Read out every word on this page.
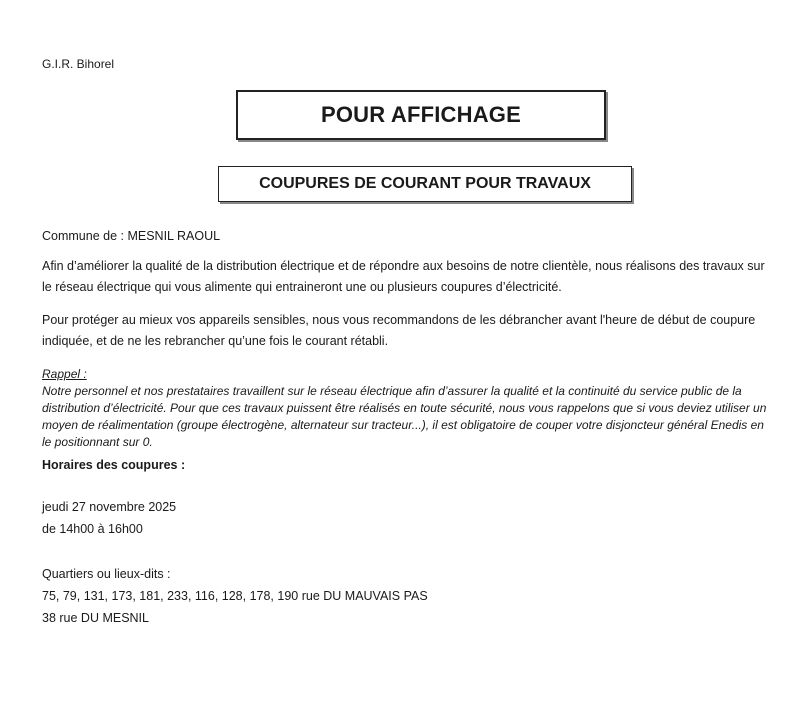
G.I.R. Bihorel
POUR AFFICHAGE
COUPURES DE COURANT POUR TRAVAUX
Commune de : MESNIL RAOUL
Afin d’améliorer la qualité de la distribution électrique et de répondre aux besoins de notre clientèle, nous réalisons des travaux sur le réseau électrique qui vous alimente qui entraineront une ou plusieurs coupures d’électricité.
Pour protéger au mieux vos appareils sensibles, nous vous recommandons de les débrancher avant l'heure de début de coupure indiquée, et de ne les rebrancher qu’une fois le courant rétabli.
Rappel :
Notre personnel et nos prestataires travaillent sur le réseau électrique afin d’assurer la qualité et la continuité du service public de la distribution d’électricité. Pour que ces travaux puissent être réalisés en toute sécurité, nous vous rappelons que si vous deviez utiliser un moyen de réalimentation (groupe électrogène, alternateur sur tracteur...), il est obligatoire de couper votre disjoncteur général Enedis en le positionnant sur 0.
Horaires des coupures :
jeudi 27 novembre 2025
de 14h00 à 16h00
Quartiers ou lieux-dits :
75, 79, 131, 173, 181, 233, 116, 128, 178, 190 rue DU MAUVAIS PAS
38 rue DU MESNIL
